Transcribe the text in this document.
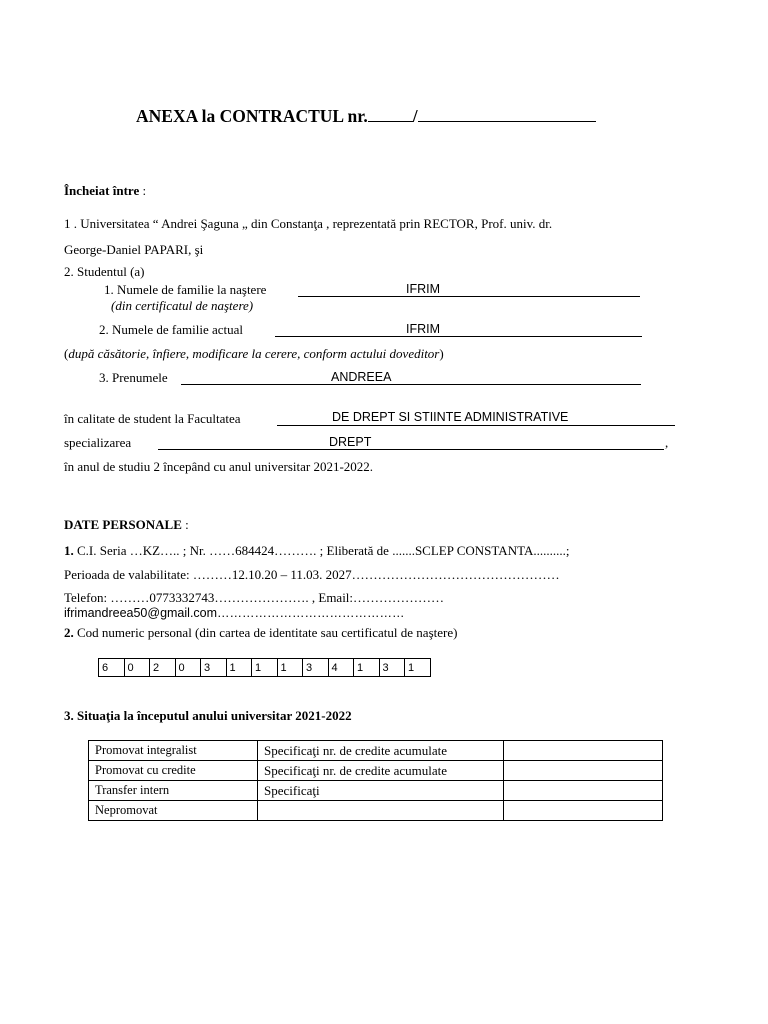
ANEXA la CONTRACTUL nr.	/
Încheiat între :
1 . Universitatea “ Andrei Şaguna „ din Constanţa , reprezentată prin RECTOR, Prof. univ. dr.
George-Daniel PAPARI, şi
2. Studentul (a)
1. Numele de familie la naştere	IFRIM
(din certificatul de naştere)
2. Numele de familie actual	IFRIM
(după căsătorie, înfiere, modificare la cerere, conform actului doveditor)
3. Prenumele	ANDREEA
în calitate de student la Facultatea	DE DREPT SI STIINTE ADMINISTRATIVE
specializarea	DREPT	,
în anul de studiu 2 începând cu anul universitar 2021-2022.
DATE PERSONALE :
1. C.I. Seria …KZ….. ; Nr. ……684424………. ; Eliberată de .......SCLEP CONSTANTA..........;
Perioada de valabilitate: ………12.10.20 – 11.03. 2027…………………………………………
Telefon: ………0773332743…………………. , Email:…………………
ifrimandreea50@gmail.com………………………………………
2. Cod numeric personal (din cartea de identitate sau certificatul de naştere)
6	0	2	0	3	1	1	1	3	4	1	3	1
3. Situaţia la începutul anului universitar 2021-2022
Promovat integralist	Specificaţi nr. de credite acumulate	
Promovat cu credite	Specificaţi nr. de credite acumulate	
Transfer intern	Specificaţi	
Nepromovat		
